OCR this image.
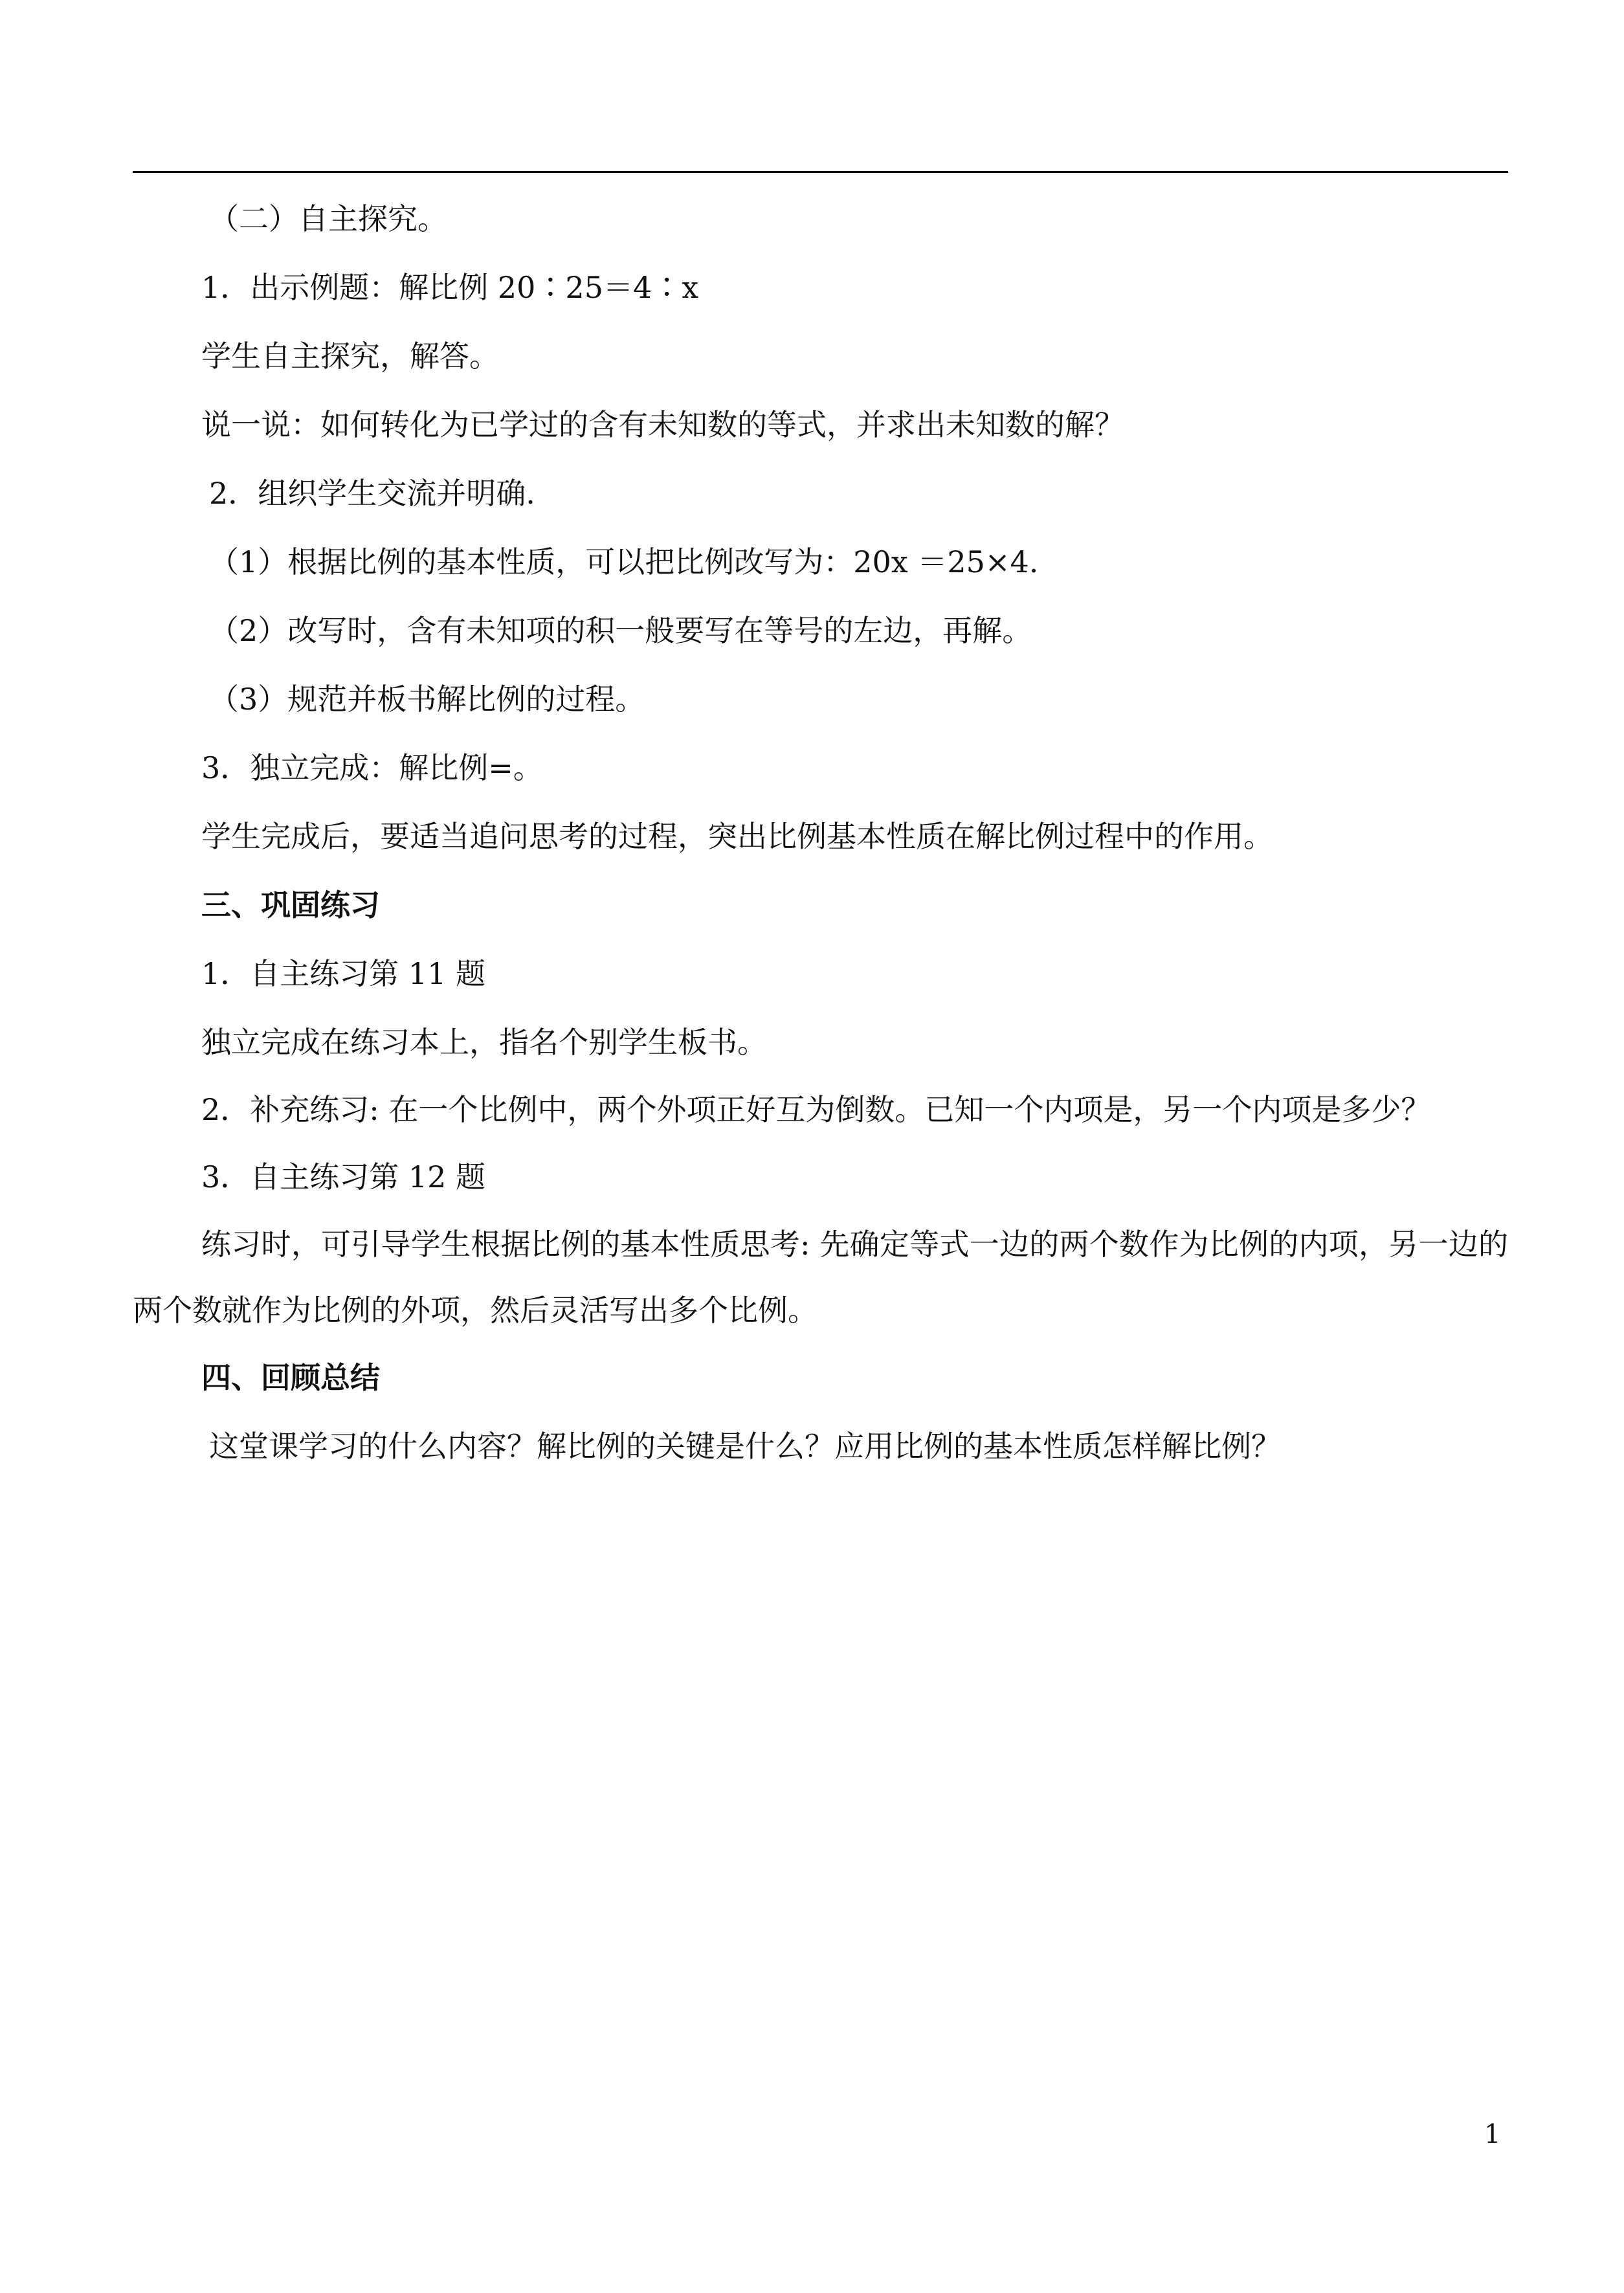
（二）自主探究。

1．出示例题：解比例 20∶25＝4∶x

学生自主探究，解答。

说一说：如何转化为已学过的含有未知数的等式，并求出未知数的解？

2．组织学生交流并明确.

（1）根据比例的基本性质，可以把比例改写为：20x ＝25×4.

（2）改写时，含有未知项的积一般要写在等号的左边，再解。

（3）规范并板书解比例的过程。

3．独立完成：解比例=。

学生完成后，要适当追问思考的过程，突出比例基本性质在解比例过程中的作用。

三、巩固练习

1．自主练习第 11 题

独立完成在练习本上，指名个别学生板书。

2．补充练习: 在一个比例中，两个外项正好互为倒数。已知一个内项是，另一个内项是多少？

3．自主练习第 12 题

练习时，可引导学生根据比例的基本性质思考: 先确定等式一边的两个数作为比例的内项，另一边的两个数就作为比例的外项，然后灵活写出多个比例。

四、回顾总结

这堂课学习的什么内容？解比例的关键是什么？应用比例的基本性质怎样解比例？

1
